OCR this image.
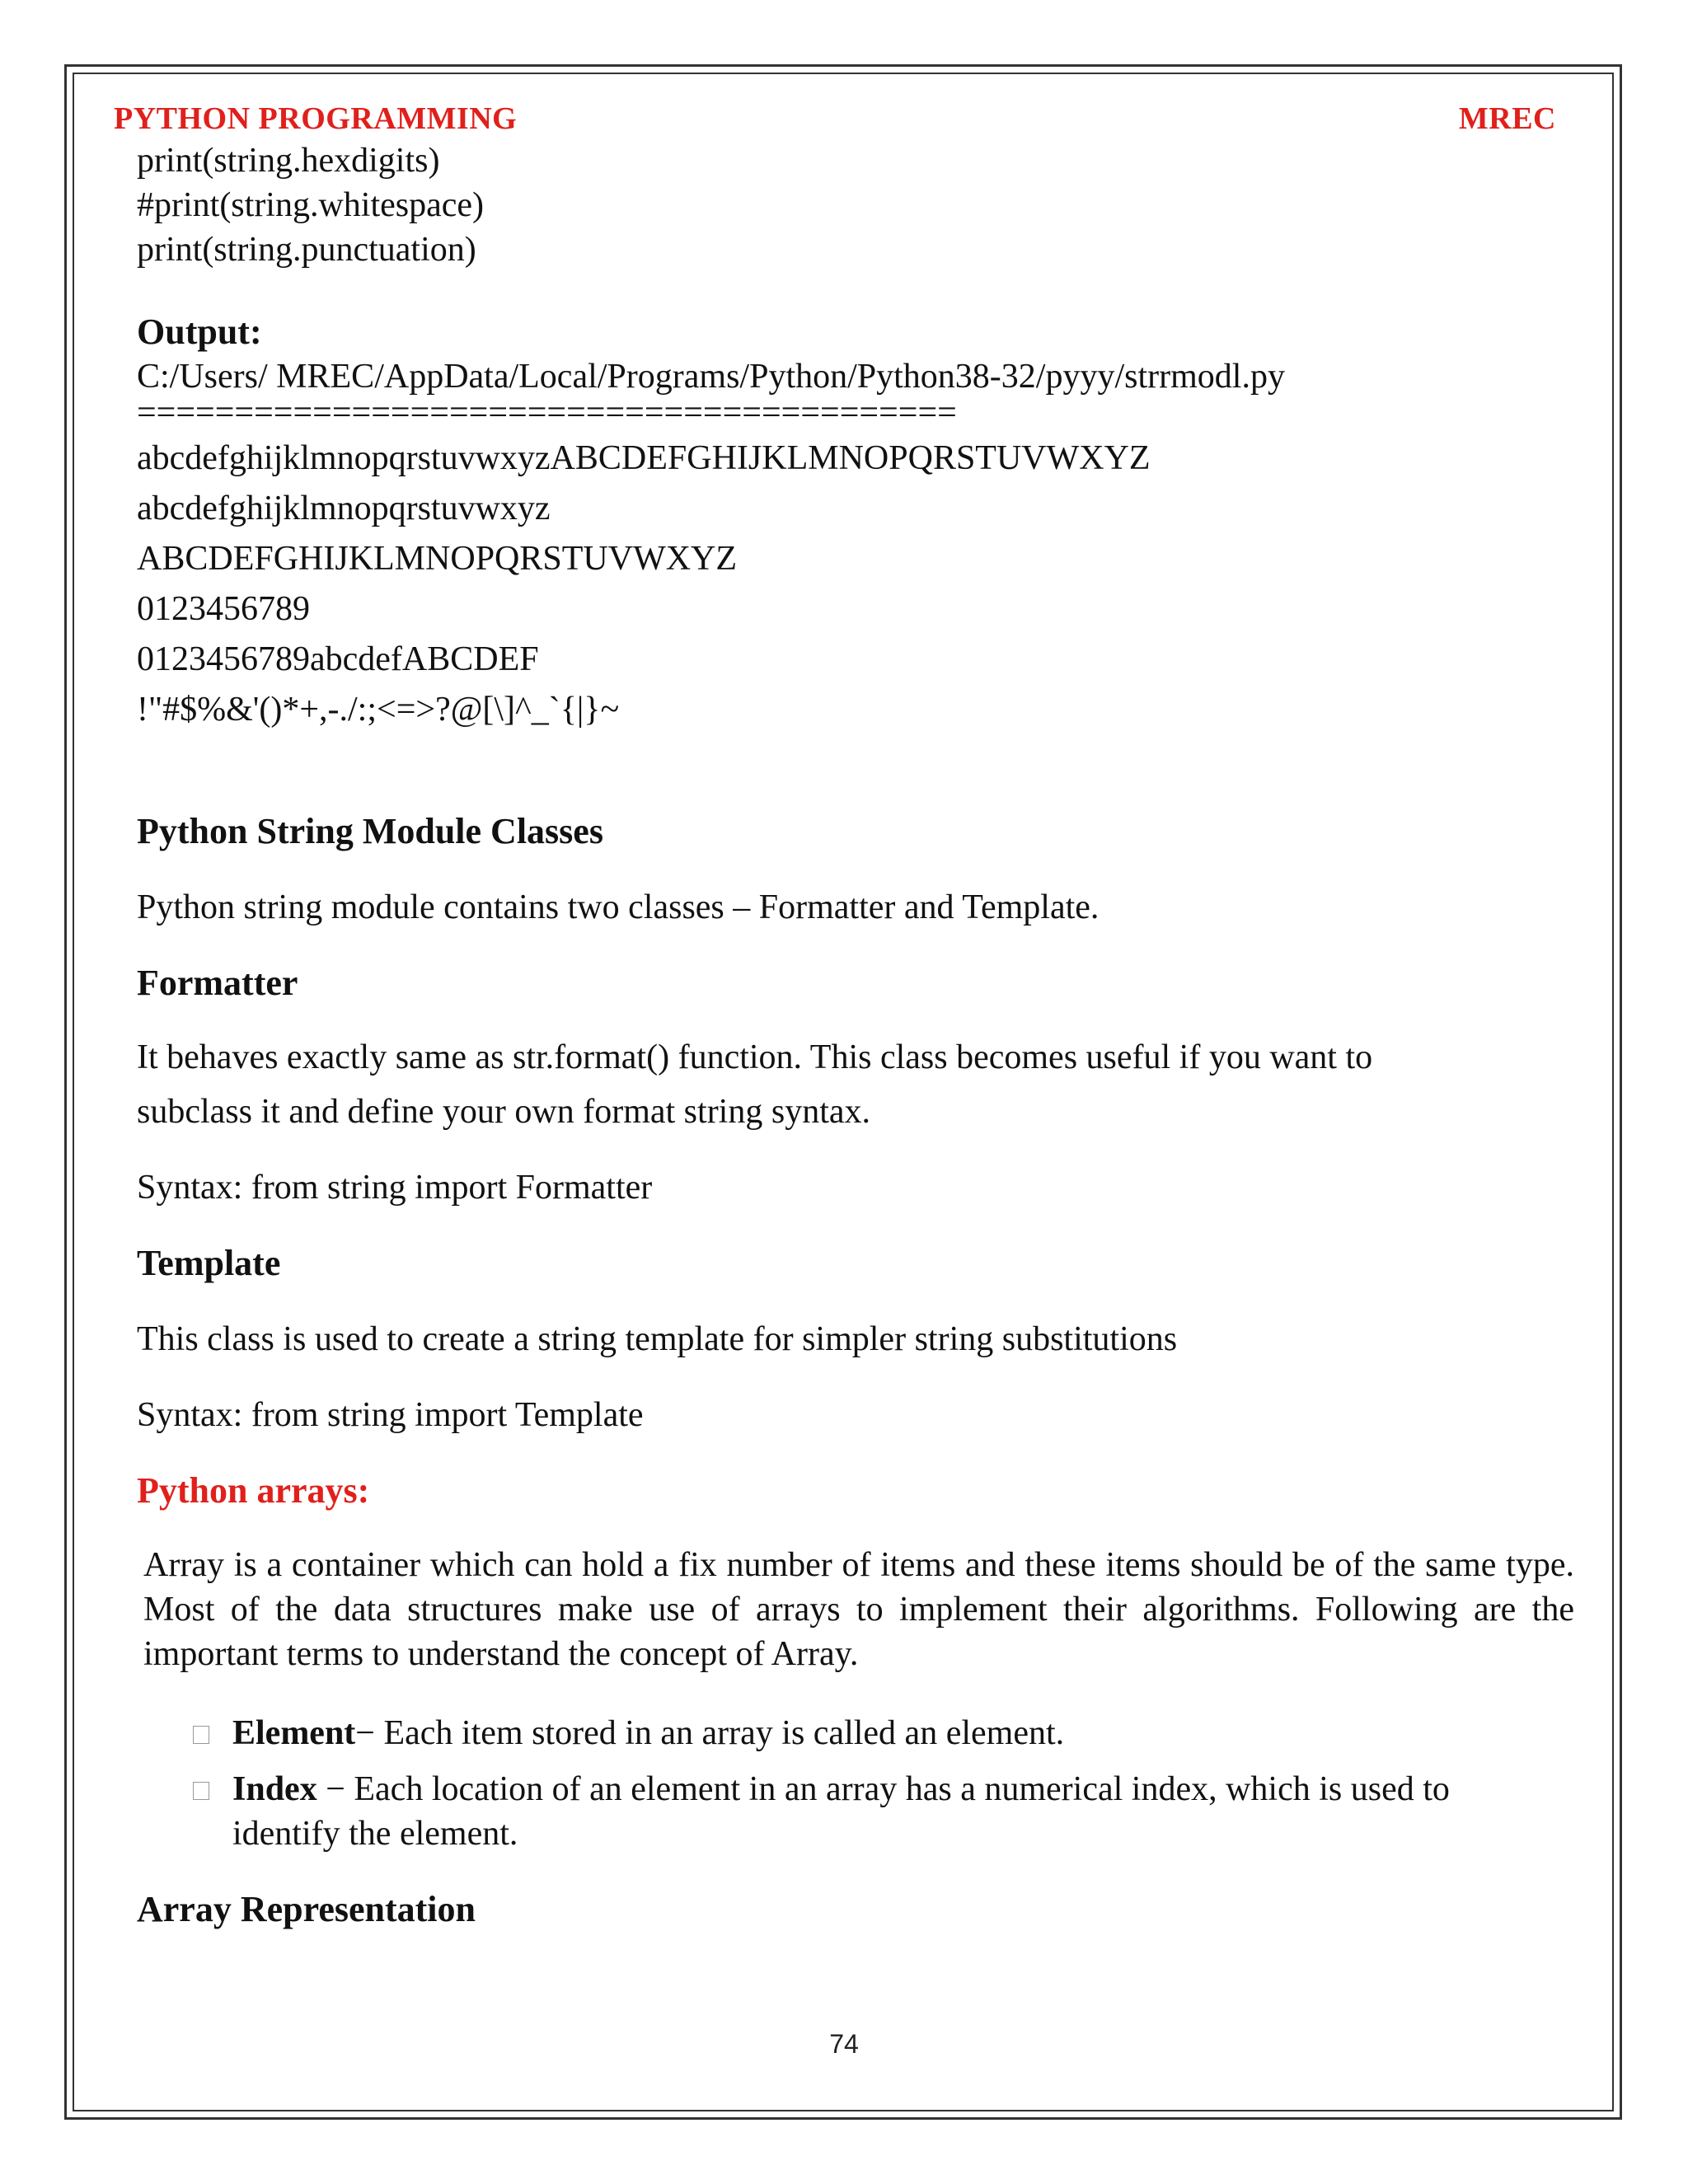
PYTHON PROGRAMMING	MREC
print(string.hexdigits)
#print(string.whitespace)
print(string.punctuation)
Output:
C:/Users/ MREC/AppData/Local/Programs/Python/Python38-32/pyyy/strrmodl.py
==========================================
abcdefghijklmnopqrstuvwxyzABCDEFGHIJKLMNOPQRSTUVWXYZ
abcdefghijklmnopqrstuvwxyz
ABCDEFGHIJKLMNOPQRSTUVWXYZ
0123456789
0123456789abcdefABCDEF
!"#$%&'()*+,-./:;<=>?@[\]^_`{|}~
Python String Module Classes
Python string module contains two classes – Formatter and Template.
Formatter
It behaves exactly same as str.format() function. This class becomes useful if you want to
subclass it and define your own format string syntax.
Syntax: from string import Formatter
Template
This class is used to create a string template for simpler string substitutions
Syntax: from string import Template
Python arrays:
Array is a container which can hold a fix number of items and these items should be of the same type. Most of the data structures make use of arrays to implement their algorithms. Following are the important terms to understand the concept of Array.
Element− Each item stored in an array is called an element.
Index − Each location of an element in an array has a numerical index, which is used to identify the element.
Array Representation
74
